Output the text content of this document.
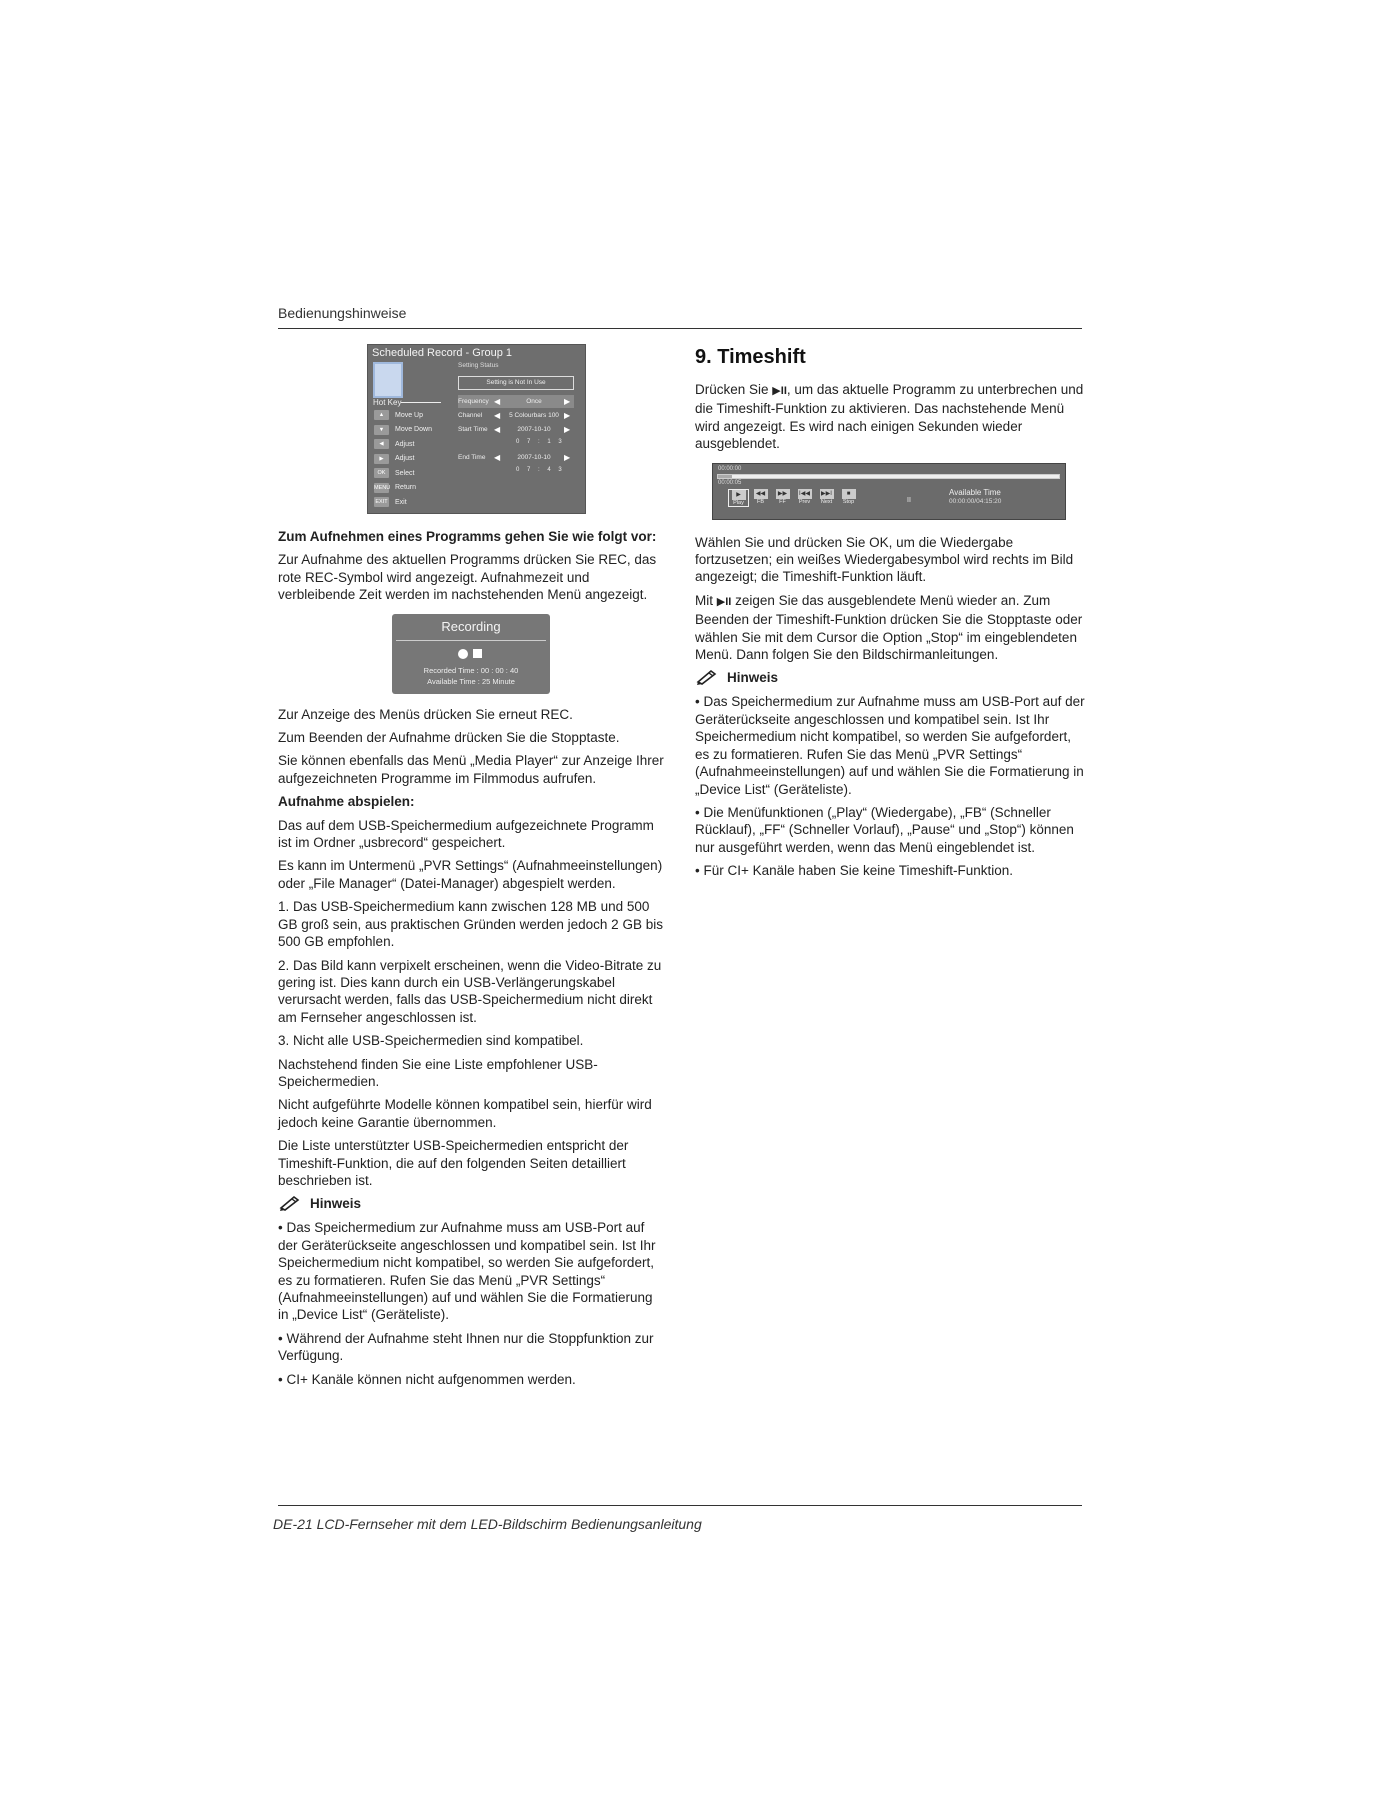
Bedienungshinweise
Scheduled Record - Group 1
Setting Status
Setting is Not In Use
Hot Key
▲	Move Up
▼	Move Down
◀	Adjust
▶	Adjust
OK	Select
MENU Return
EXIT Exit
Frequency ◀	Once	▶
Channel	◀	5 Colourbars 100 ▶
Start Time ◀	2007-10-10	▶
0 7 : 1 3
End Time	◀	2007-10-10	▶
0 7 : 4 3

Zum Aufnehmen eines Programms gehen Sie wie folgt vor:

Zur Aufnahme des aktuellen Programms drücken Sie REC, das rote REC-Symbol wird angezeigt. Aufnahmezeit und verbleibende Zeit werden im nachstehenden Menü angezeigt.

Recording
Recorded Time : 00 : 00 : 40
Available Time : 25 Minute

Zur Anzeige des Menüs drücken Sie erneut REC.

Zum Beenden der Aufnahme drücken Sie die Stopptaste.

Sie können ebenfalls das Menü „Media Player“ zur Anzeige Ihrer aufgezeichneten Programme im Filmmodus aufrufen.

Aufnahme abspielen:

Das auf dem USB-Speichermedium aufgezeichnete Programm ist im Ordner „usbrecord“ gespeichert.

Es kann im Untermenü „PVR Settings“ (Aufnahmeeinstellungen) oder „File Manager“ (Datei-Manager) abgespielt werden.

1. Das USB-Speichermedium kann zwischen 128 MB und 500 GB groß sein, aus praktischen Gründen werden jedoch 2 GB bis 500 GB empfohlen.

2. Das Bild kann verpixelt erscheinen, wenn die Video-Bitrate zu gering ist. Dies kann durch ein USB-Verlängerungskabel verursacht werden, falls das USB-Speichermedium nicht direkt am Fernseher angeschlossen ist.

3. Nicht alle USB-Speichermedien sind kompatibel.

Nachstehend finden Sie eine Liste empfohlener USB-Speichermedien.

Nicht aufgeführte Modelle können kompatibel sein, hierfür wird jedoch keine Garantie übernommen.

Die Liste unterstützter USB-Speichermedien entspricht der Timeshift-Funktion, die auf den folgenden Seiten detailliert beschrieben ist.

Hinweis

• Das Speichermedium zur Aufnahme muss am USB-Port auf der Geräterückseite angeschlossen und kompatibel sein. Ist Ihr Speichermedium nicht kompatibel, so werden Sie aufgefordert, es zu formatieren. Rufen Sie das Menü „PVR Settings“ (Aufnahmeeinstellungen) auf und wählen Sie die Formatierung in „Device List“ (Geräteliste).

• Während der Aufnahme steht Ihnen nur die Stoppfunktion zur Verfügung.

• CI+ Kanäle können nicht aufgenommen werden.

9. Timeshift

Drücken Sie ▶II, um das aktuelle Programm zu unterbrechen und die Timeshift-Funktion zu aktivieren. Das nachstehende Menü wird angezeigt. Es wird nach einigen Sekunden wieder ausgeblendet.

00:00:00
00:00:05
▶
Play
◀◀
FB
▶▶
FF
I◀◀
Prev
▶▶I
Next
■
Stop	II
Available Time
00:00:00/04:15:20

Wählen Sie und drücken Sie OK, um die Wiedergabe fortzusetzen; ein weißes Wiedergabesymbol wird rechts im Bild angezeigt; die Timeshift-Funktion läuft.

Mit ▶II zeigen Sie das ausgeblendete Menü wieder an. Zum Beenden der Timeshift-Funktion drücken Sie die Stopptaste oder wählen Sie mit dem Cursor die Option „Stop“ im eingeblendeten Menü. Dann folgen Sie den Bildschirmanleitungen.

Hinweis

• Das Speichermedium zur Aufnahme muss am USB-Port auf der Geräterückseite angeschlossen und kompatibel sein. Ist Ihr Speichermedium nicht kompatibel, so werden Sie aufgefordert, es zu formatieren. Rufen Sie das Menü „PVR Settings“ (Aufnahmeeinstellungen) auf und wählen Sie die Formatierung in „Device List“ (Geräteliste).

• Die Menüfunktionen („Play“ (Wiedergabe), „FB“ (Schneller Rücklauf), „FF“ (Schneller Vorlauf), „Pause“ und „Stop“) können nur ausgeführt werden, wenn das Menü eingeblendet ist.

• Für CI+ Kanäle haben Sie keine Timeshift-Funktion.

DE-21 LCD-Fernseher mit dem LED-Bildschirm Bedienungsanleitung
